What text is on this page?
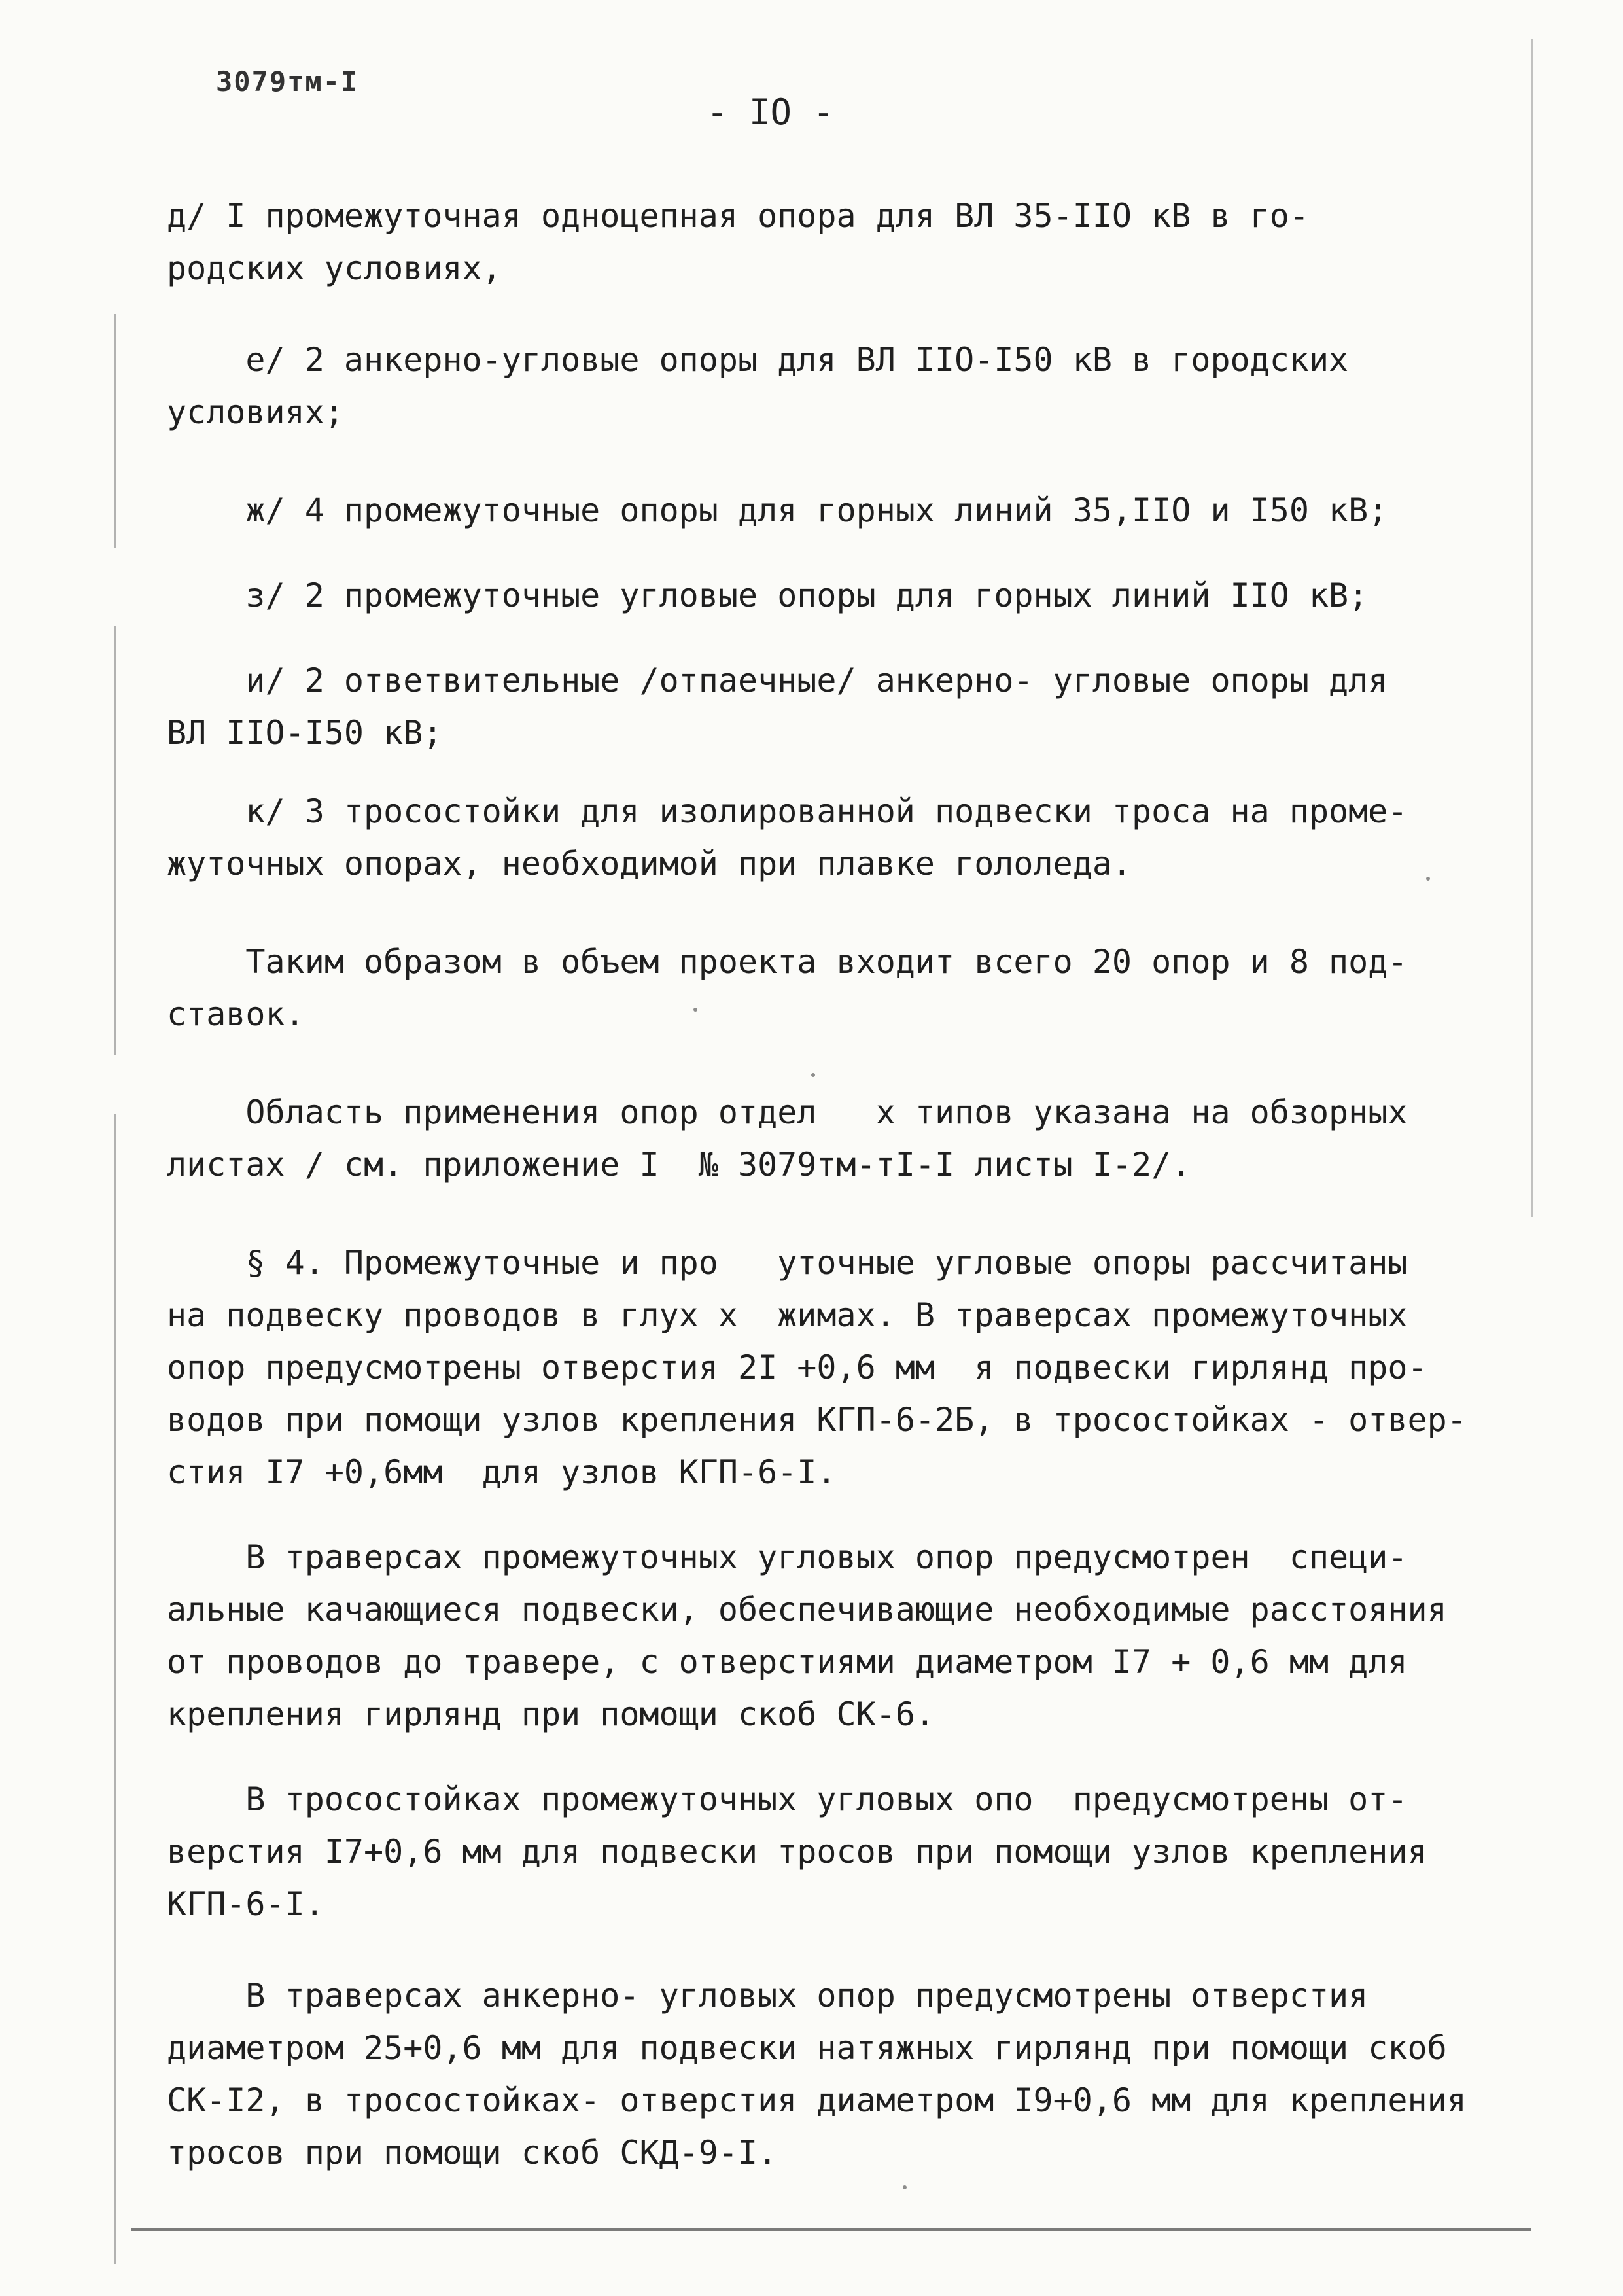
3079тм-I
- IO -

д/ I промежуточная одноцепная опора для ВЛ 35-IIO кВ в го-
родских условиях,

е/ 2 анкерно-угловые опоры для ВЛ IIO-I50 кВ в городских
условиях;

ж/ 4 промежуточные опоры для горных линий 35,IIO и I50 кВ;

з/ 2 промежуточные угловые опоры для горных линий IIO кВ;

и/ 2 ответвительные /отпаечные/ анкерно- угловые опоры для
ВЛ IIO-I50 кВ;

к/ 3 тросостойки для изолированной подвески троса на проме-
жуточных опорах, необходимой при плавке гололеда.

Таким образом в объем проекта входит всего 20 опор и 8 под-
ставок.

Область применения опор отдел   х типов указана на обзорных
листах / см. приложение I  № 3079тм-тI-I листы I-2/.

§ 4. Промежуточные и про   уточные угловые опоры рассчитаны
на подвеску проводов в глух х  жимах. В траверсах промежуточных
опор предусмотрены отверстия 2I +0,6 мм  я подвески гирлянд про-
водов при помощи узлов крепления КГП-6-2Б, в тросостойках - отвер-
стия I7 +0,6мм  для узлов КГП-6-I.

В траверсах промежуточных угловых опор предусмотрен  специ-
альные качающиеся подвески, обеспечивающие необходимые расстояния
от проводов до травере, с отверстиями диаметром I7 + 0,6 мм для
крепления гирлянд при помощи скоб СК-6.

В тросостойках промежуточных угловых опо  предусмотрены от-
верстия I7+0,6 мм для подвески тросов при помощи узлов крепления
КГП-6-I.

В траверсах анкерно- угловых опор предусмотрены отверстия
диаметром 25+0,6 мм для подвески натяжных гирлянд при помощи скоб
СК-I2, в тросостойках- отверстия диаметром I9+0,6 мм для крепления
тросов при помощи скоб СКД-9-I.
